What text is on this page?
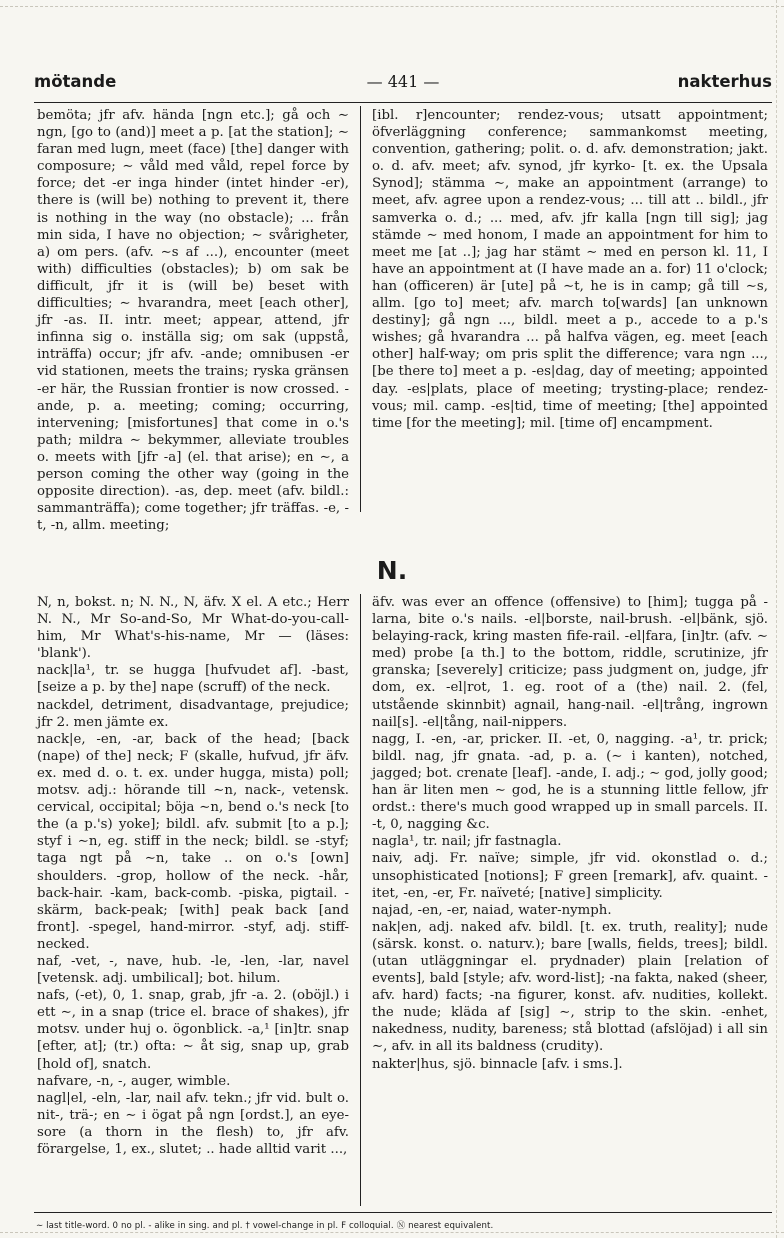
mötande	— 441 —	nakterhus

bemöta; jfr afv. hända [ngn etc.]; gå och ∼ ngn, [go to (and)] meet a p. [at the station]; ∼ faran med lugn, meet (face) [the] danger with composure; ∼ våld med våld, repel force by force; det -er inga hinder (intet hinder -er), there is (will be) nothing to prevent it, there is nothing in the way (no obstacle); ... från min sida, I have no objection; ∼ svårigheter, a) om pers. (afv. ∼s af ...), encounter (meet with) difficulties (obstacles); b) om sak be difficult, jfr it is (will be) beset with difficulties; ∼ hvarandra, meet [each other], jfr -as. II. intr. meet; appear, attend, jfr infinna sig o. inställa sig; om sak (uppstå, inträffa) occur; jfr afv. -ande; omnibusen -er vid stationen, meets the trains; ryska gränsen -er här, the Russian frontier is now crossed. -ande, p. a. meeting; coming; occurring, intervening; [misfortunes] that come in o.'s path; mildra ∼ bekymmer, alleviate troubles o. meets with [jfr -a] (el. that arise); en ∼, a person coming the other way (going in the opposite direction). -as, dep. meet (afv. bildl.: sammanträffa); come together; jfr träffas. -e, -t, -n, allm. meeting;

[ibl. r]encounter; rendez-vous; utsatt appointment; öfverläggning conference; sammankomst meeting, convention, gathering; polit. o. d. afv. demonstration; jakt. o. d. afv. meet; afv. synod, jfr kyrko- [t. ex. the Upsala Synod]; stämma ∼, make an appointment (arrange) to meet, afv. agree upon a rendez-vous; ... till att .. bildl., jfr samverka o. d.; ... med, afv. jfr kalla [ngn till sig]; jag stämde ∼ med honom, I made an appointment for him to meet me [at ..]; jag har stämt ∼ med en person kl. 11, I have an appointment at (I have made an a. for) 11 o'clock; han (officeren) är [ute] på ∼t, he is in camp; gå till ∼s, allm. [go to] meet; afv. march to[wards] [an unknown destiny]; gå ngn ..., bildl. meet a p., accede to a p.'s wishes; gå hvarandra ... på halfva vägen, eg. meet [each other] half-way; om pris split the difference; vara ngn ..., [be there to] meet a p. -es|dag, day of meeting; appointed day. -es|plats, place of meeting; trysting-place; rendez-vous; mil. camp. -es|tid, time of meeting; [the] appointed time [for the meeting]; mil. [time of] encampment.

N.

N, n, bokst. n; N. N., N, äfv. X el. A etc.; Herr N. N., Mr So-and-So, Mr What-do-you-call-him, Mr What's-his-name, Mr — (läses: 'blank').

nack|la¹, tr. se hugga [hufvudet af]. -bast, [seize a p. by the] nape (scruff) of the neck.

nackdel, detriment, disadvantage, prejudice; jfr 2. men jämte ex.

nack|e, -en, -ar, back of the head; [back (nape) of the] neck; F (skalle, hufvud, jfr äfv. ex. med d. o. t. ex. under hugga, mista) poll; motsv. adj.: hörande till ∼n, nack-, vetensk. cervical, occipital; böja ∼n, bend o.'s neck [to the (a p.'s) yoke]; bildl. afv. submit [to a p.]; styf i ∼n, eg. stiff in the neck; bildl. se -styf; taga ngt på ∼n, take .. on o.'s [own] shoulders. -grop, hollow of the neck. -hår, back-hair. -kam, back-comb. -piska, pigtail. -skärm, back-peak; [with] peak back [and front]. -spegel, hand-mirror. -styf, adj. stiff-necked.

naf, -vet, -, nave, hub. -le, -len, -lar, navel [vetensk. adj. umbilical]; bot. hilum.

nafs, (-et), 0, 1. snap, grab, jfr -a. 2. (oböjl.) i ett ∼, in a snap (trice el. brace of shakes), jfr motsv. under huj o. ögonblick. -a,¹ [in]tr. snap [efter, at]; (tr.) ofta: ∼ åt sig, snap up, grab [hold of], snatch.

nafvare, -n, -, auger, wimble.

nagl|el, -eln, -lar, nail afv. tekn.; jfr vid. bult o. nit-, trä-; en ∼ i ögat på ngn [ordst.], an eye-sore (a thorn in the flesh) to, jfr afv. förargelse, 1, ex., slutet; .. hade alltid varit ...,

äfv. was ever an offence (offensive) to [him]; tugga på -larna, bite o.'s nails. -el|borste, nail-brush. -el|bänk, sjö. belaying-rack, kring masten fife-rail. -el|fara, [in]tr. (afv. ∼ med) probe [a th.] to the bottom, riddle, scrutinize, jfr granska; [severely] criticize; pass judgment on, judge, jfr dom, ex. -el|rot, 1. eg. root of a (the) nail. 2. (fel, utstående skinnbit) agnail, hang-nail. -el|trång, ingrown nail[s]. -el|tång, nail-nippers.

nagg, I. -en, -ar, pricker. II. -et, 0, nagging. -a¹, tr. prick; bildl. nag, jfr gnata. -ad, p. a. (∼ i kanten), notched, jagged; bot. crenate [leaf]. -ande, I. adj.; ∼ god, jolly good; han är liten men ∼ god, he is a stunning little fellow, jfr ordst.: there's much good wrapped up in small parcels. II. -t, 0, nagging &c.

nagla¹, tr. nail; jfr fastnagla.

naiv, adj. Fr. naïve; simple, jfr vid. okonstlad o. d.; unsophisticated [notions]; F green [remark], afv. quaint. -itet, -en, -er, Fr. naïveté; [native] simplicity.

najad, -en, -er, naiad, water-nymph.

nak|en, adj. naked afv. bildl. [t. ex. truth, reality]; nude (särsk. konst. o. naturv.); bare [walls, fields, trees]; bildl. (utan utläggningar el. prydnader) plain [relation of events], bald [style; afv. word-list]; -na fakta, naked (sheer, afv. hard) facts; -na figurer, konst. afv. nudities, kollekt. the nude; kläda af [sig] ∼, strip to the skin. -enhet, nakedness, nudity, bareness; stå blottad (afslöjad) i all sin ∼, afv. in all its baldness (crudity).

nakter|hus, sjö. binnacle [afv. i sms.].

∼ last title-word. 0 no pl. - alike in sing. and pl. † vowel-change in pl. F colloquial. Ⓝ nearest equivalent.
